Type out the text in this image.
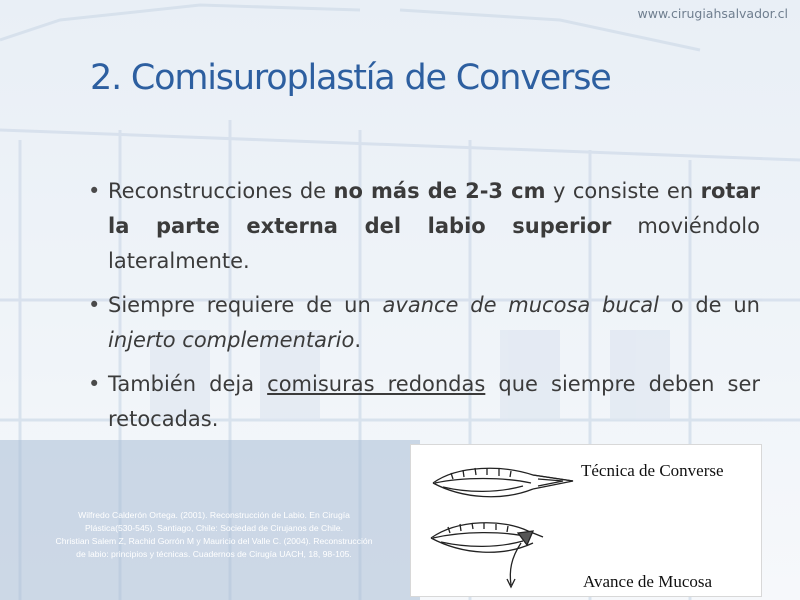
www.cirugiahsalvador.cl
2. Comisuroplastía de Converse
• Reconstrucciones de no más de 2-3 cm y consiste en rotar la parte externa del labio superior moviéndolo lateralmente.
• Siempre requiere de un avance de mucosa bucal o de un injerto complementario.
• También deja comisuras redondas que siempre deben ser retocadas.
Wilfredo Calderón Ortega. (2001). Reconstrucción de Labio. En Cirugía Plástica(530-545). Santiago, Chile: Sociedad de Cirujanos de Chile.
Christian Salem Z, Rachid Gorrón M y Mauricio del Valle C. (2004). Reconstrucción de labio: principios y técnicas. Cuadernos de Cirugía UACH, 18, 98-105.
Técnica de Converse
Avance de Mucosa
